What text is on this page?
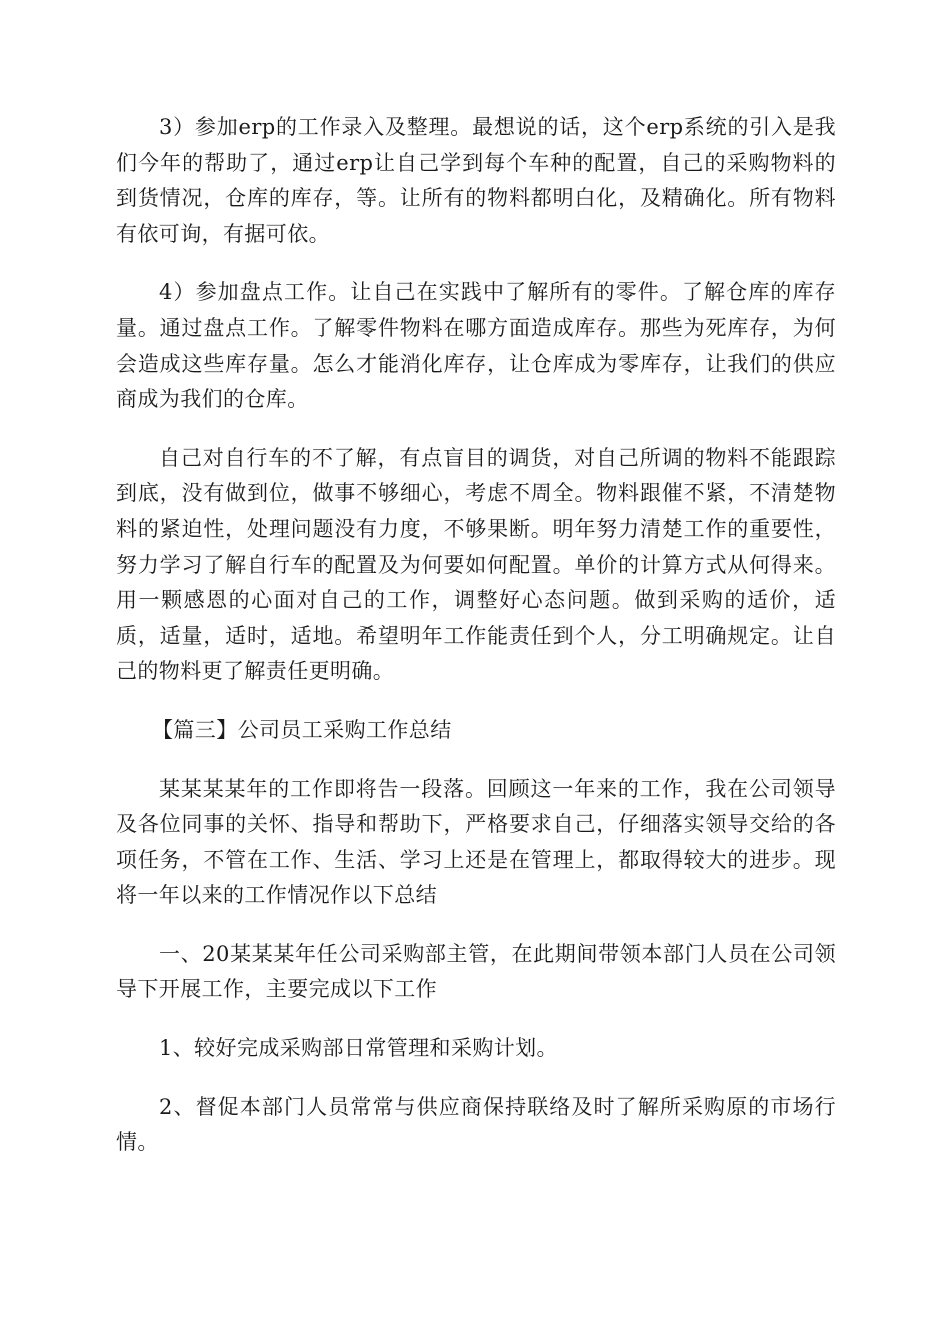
3）参加erp的工作录入及整理。最想说的话，这个erp系统的引入是我们今年的帮助了，通过erp让自己学到每个车种的配置，自己的采购物料的到货情况，仓库的库存，等。让所有的物料都明白化，及精确化。所有物料有依可询，有据可依。

4）参加盘点工作。让自己在实践中了解所有的零件。了解仓库的库存量。通过盘点工作。了解零件物料在哪方面造成库存。那些为死库存，为何会造成这些库存量。怎么才能消化库存，让仓库成为零库存，让我们的供应商成为我们的仓库。

自己对自行车的不了解，有点盲目的调货，对自己所调的物料不能跟踪到底，没有做到位，做事不够细心，考虑不周全。物料跟催不紧，不清楚物料的紧迫性，处理问题没有力度，不够果断。明年努力清楚工作的重要性，努力学习了解自行车的配置及为何要如何配置。单价的计算方式从何得来。用一颗感恩的心面对自己的工作，调整好心态问题。做到采购的适价，适质，适量，适时，适地。希望明年工作能责任到个人，分工明确规定。让自己的物料更了解责任更明确。

【篇三】公司员工采购工作总结

某某某某年的工作即将告一段落。回顾这一年来的工作，我在公司领导及各位同事的关怀、指导和帮助下，严格要求自己，仔细落实领导交给的各项任务，不管在工作、生活、学习上还是在管理上，都取得较大的进步。现将一年以来的工作情况作以下总结

一、20某某某年任公司采购部主管，在此期间带领本部门人员在公司领导下开展工作，主要完成以下工作

1、较好完成采购部日常管理和采购计划。

2、督促本部门人员常常与供应商保持联络及时了解所采购原的市场行情。
